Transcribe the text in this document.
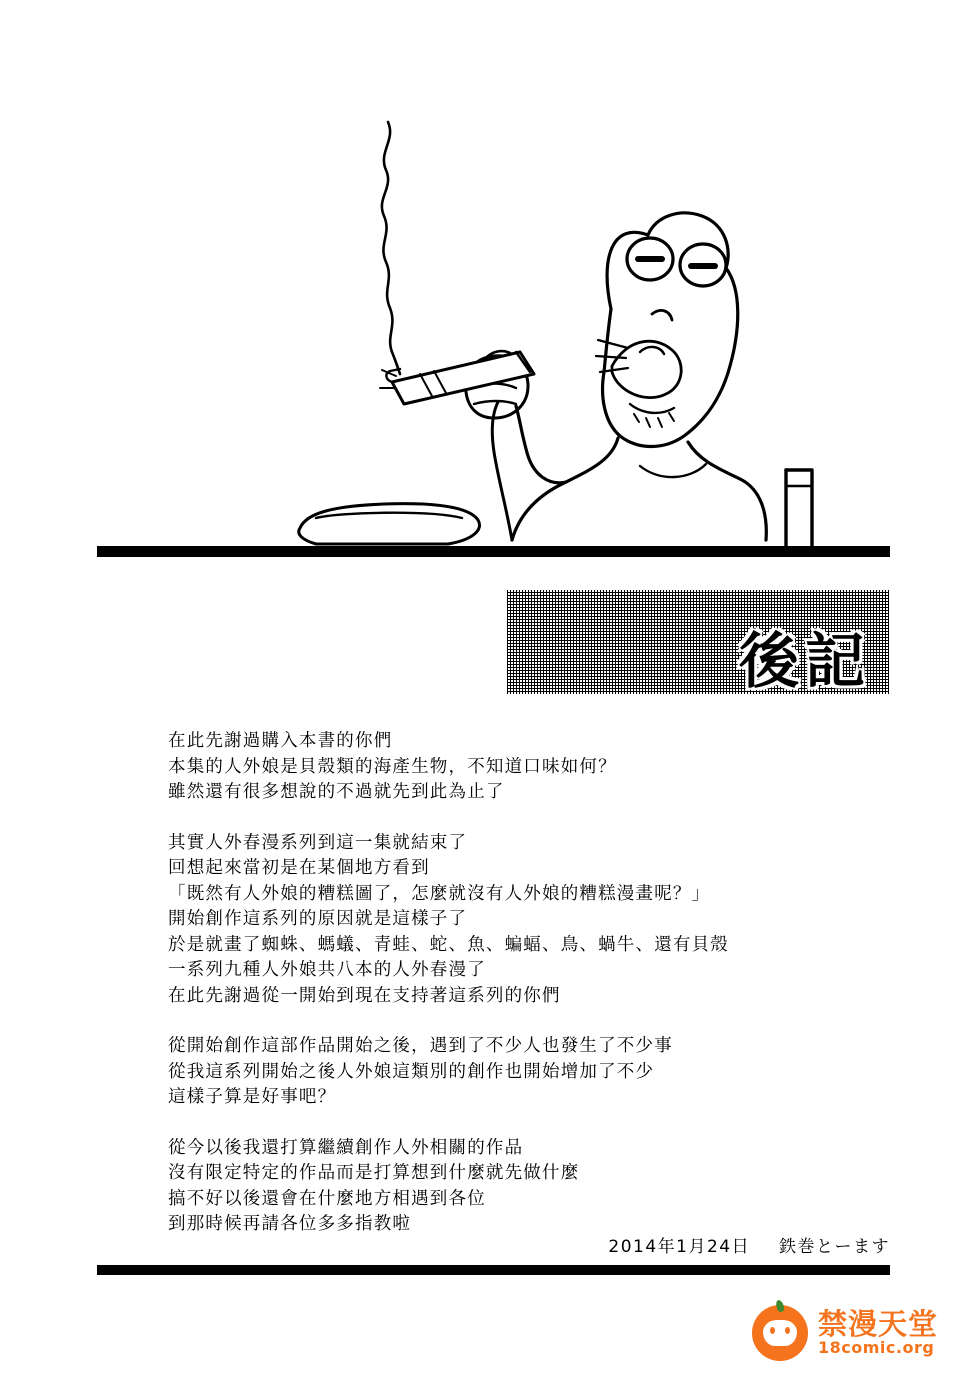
後記
在此先謝過購入本書的你們
本集的人外娘是貝殼類的海產生物，不知道口味如何？
雖然還有很多想說的不過就先到此為止了
其實人外春漫系列到這一集就結束了
回想起來當初是在某個地方看到
「既然有人外娘的糟糕圖了，怎麼就沒有人外娘的糟糕漫畫呢？」
開始創作這系列的原因就是這樣子了
於是就畫了蜘蛛、螞蟻、青蛙、蛇、魚、蝙蝠、鳥、蝸牛、還有貝殼
一系列九種人外娘共八本的人外春漫了
在此先謝過從一開始到現在支持著這系列的你們
從開始創作這部作品開始之後，遇到了不少人也發生了不少事
從我這系列開始之後人外娘這類別的創作也開始增加了不少
這樣子算是好事吧？
從今以後我還打算繼續創作人外相關的作品
沒有限定特定的作品而是打算想到什麼就先做什麼
搞不好以後還會在什麼地方相遇到各位
到那時候再請各位多多指教啦
2014年1月24日 鉄巻とーます
禁漫天堂
18comic.org
